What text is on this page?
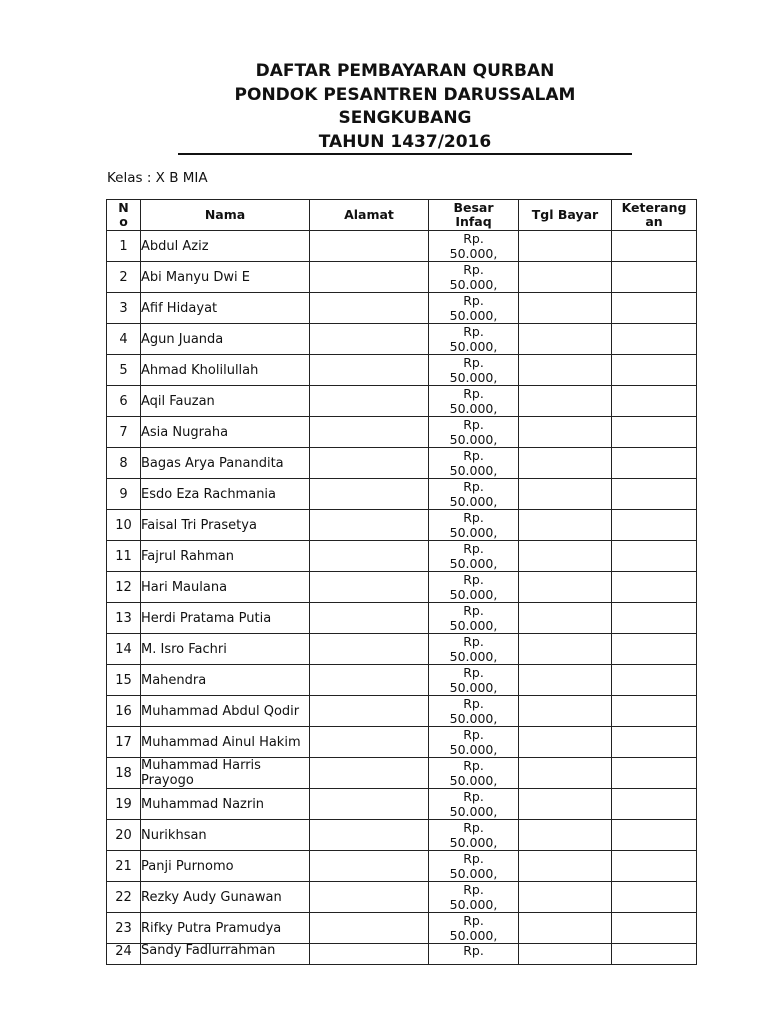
DAFTAR PEMBAYARAN QURBAN
PONDOK PESANTREN DARUSSALAM
SENGKUBANG
TAHUN 1437/2016
Kelas : X B MIA
N o	Nama	Alamat	Besar Infaq	Tgl Bayar	Keterang an

1	Abdul Aziz		Rp. 50.000,		

2	Abi Manyu Dwi E		Rp. 50.000,		

3	Afif Hidayat		Rp. 50.000,		

4	Agun Juanda		Rp. 50.000,		

5	Ahmad Kholilullah		Rp. 50.000,		

6	Aqil Fauzan		Rp. 50.000,		

7	Asia Nugraha		Rp. 50.000,		

8	Bagas Arya Panandita		Rp. 50.000,		

9	Esdo Eza Rachmania		Rp. 50.000,		

10	Faisal Tri Prasetya		Rp. 50.000,		

11	Fajrul Rahman		Rp. 50.000,		

12	Hari Maulana		Rp. 50.000,		

13	Herdi Pratama Putia		Rp. 50.000,		

14	M. Isro Fachri		Rp. 50.000,		

15	Mahendra		Rp. 50.000,		

16	Muhammad Abdul Qodir		Rp. 50.000,		

17	Muhammad Ainul Hakim		Rp. 50.000,		

18	Muhammad Harris Prayogo		Rp. 50.000,		

19	Muhammad Nazrin		Rp. 50.000,		

20	Nurikhsan		Rp. 50.000,		

21	Panji Purnomo		Rp. 50.000,		

22	Rezky Audy Gunawan		Rp. 50.000,		

23	Rifky Putra Pramudya		Rp. 50.000,		

24	Sandy Fadlurrahman		Rp.		
